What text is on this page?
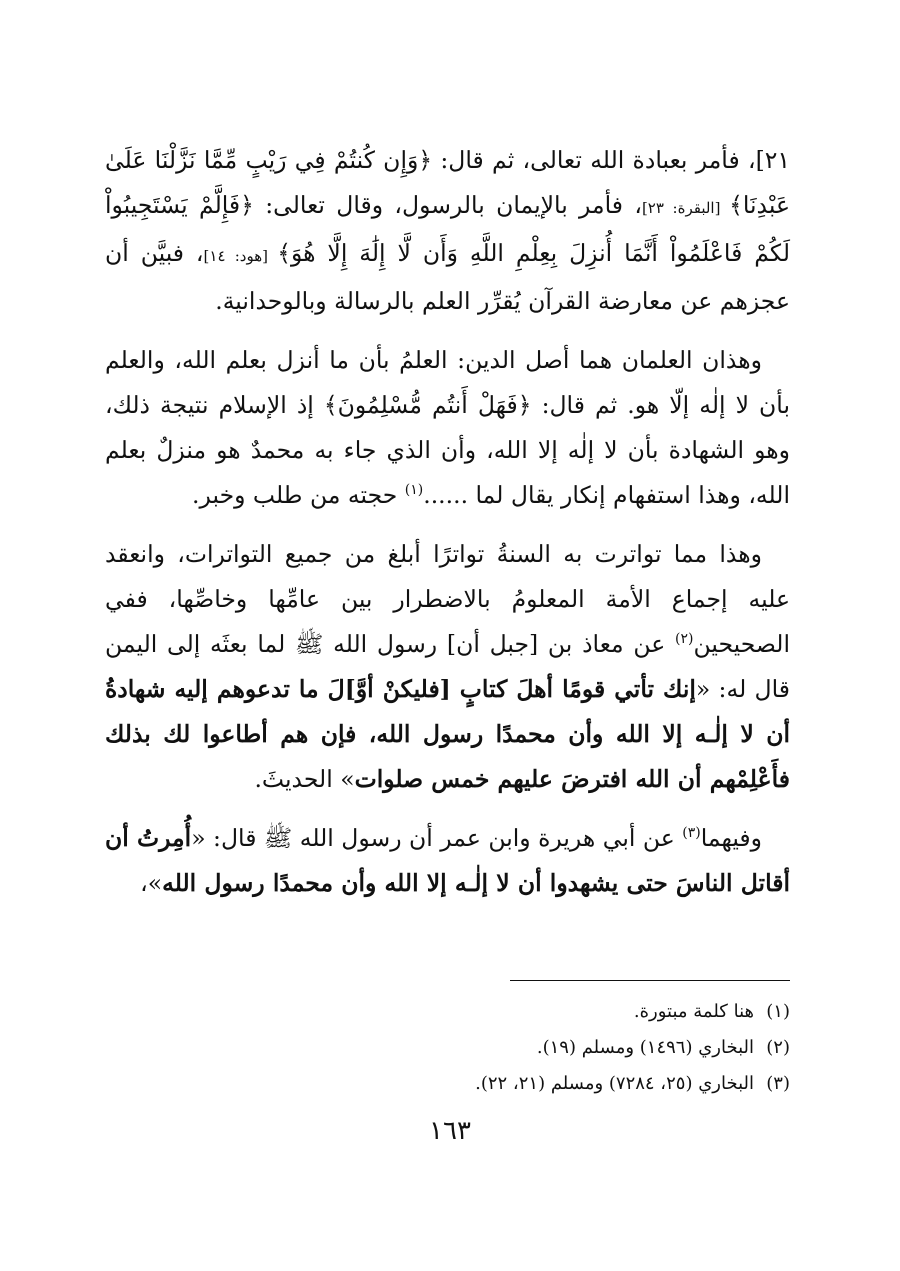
٢١]، فأمر بعبادة الله تعالى، ثم قال: ﴿وَإِن كُنتُمْ فِي رَيْبٍ مِّمَّا نَزَّلْنَا عَلَىٰ عَبْدِنَا﴾ [البقرة: ٢٣]، فأمر بالإيمان بالرسول، وقال تعالى: ﴿فَإِلَّمْ يَسْتَجِيبُواْ لَكُمْ فَاعْلَمُواْ أَنَّمَا أُنزِلَ بِعِلْمِ اللَّهِ وَأَن لَّا إِلَٰهَ إِلَّا هُوَ﴾ [هود: ١٤]، فبيَّن أن عجزهم عن معارضة القرآن يُقرِّر العلم بالرسالة وبالوحدانية.

وهذان العلمان هما أصل الدين: العلمُ بأن ما أنزل بعلم الله، والعلم بأن لا إلٰه إلّا هو. ثم قال: ﴿فَهَلْ أَنتُم مُّسْلِمُونَ﴾ إذ الإسلام نتيجة ذلك، وهو الشهادة بأن لا إلٰه إلا الله، وأن الذي جاء به محمدٌ هو منزلٌ بعلم الله، وهذا استفهام إنكار يقال لما ......$^{(١)}$ حجته من طلب وخبر.

وهذا مما تواترت به السنةُ تواترًا أبلغ من جميع التواترات، وانعقد عليه إجماع الأمة المعلومُ بالاضطرار بين عامِّها وخاصِّها، ففي الصحيحين$^{(٢)}$ عن معاذ بن [جبل أن] رسول الله ﷺ لما بعثَه إلى اليمن قال له: «إنك تأتي قومًا أهلَ كتابٍ [فليكنْ أوَّ]لَ ما تدعوهم إليه شهادةُ أن لا إلٰـه إلا الله وأن محمدًا رسول الله، فإن هم أطاعوا لك بذلك فأَعْلِمْهم أن الله افترضَ عليهم خمس صلوات» الحديثَ.

وفيهما$^{(٣)}$ عن أبي هريرة وابن عمر أن رسول الله ﷺ قال: «أُمِرتُ أن أقاتل الناسَ حتى يشهدوا أن لا إلٰـه إلا الله وأن محمدًا رسول الله»،

(١)هنا كلمة مبتورة.

(٢)البخاري (١٤٩٦) ومسلم (١٩).

(٣)البخاري (٢٥، ٧٢٨٤) ومسلم (٢١، ٢٢).

١٦٣
